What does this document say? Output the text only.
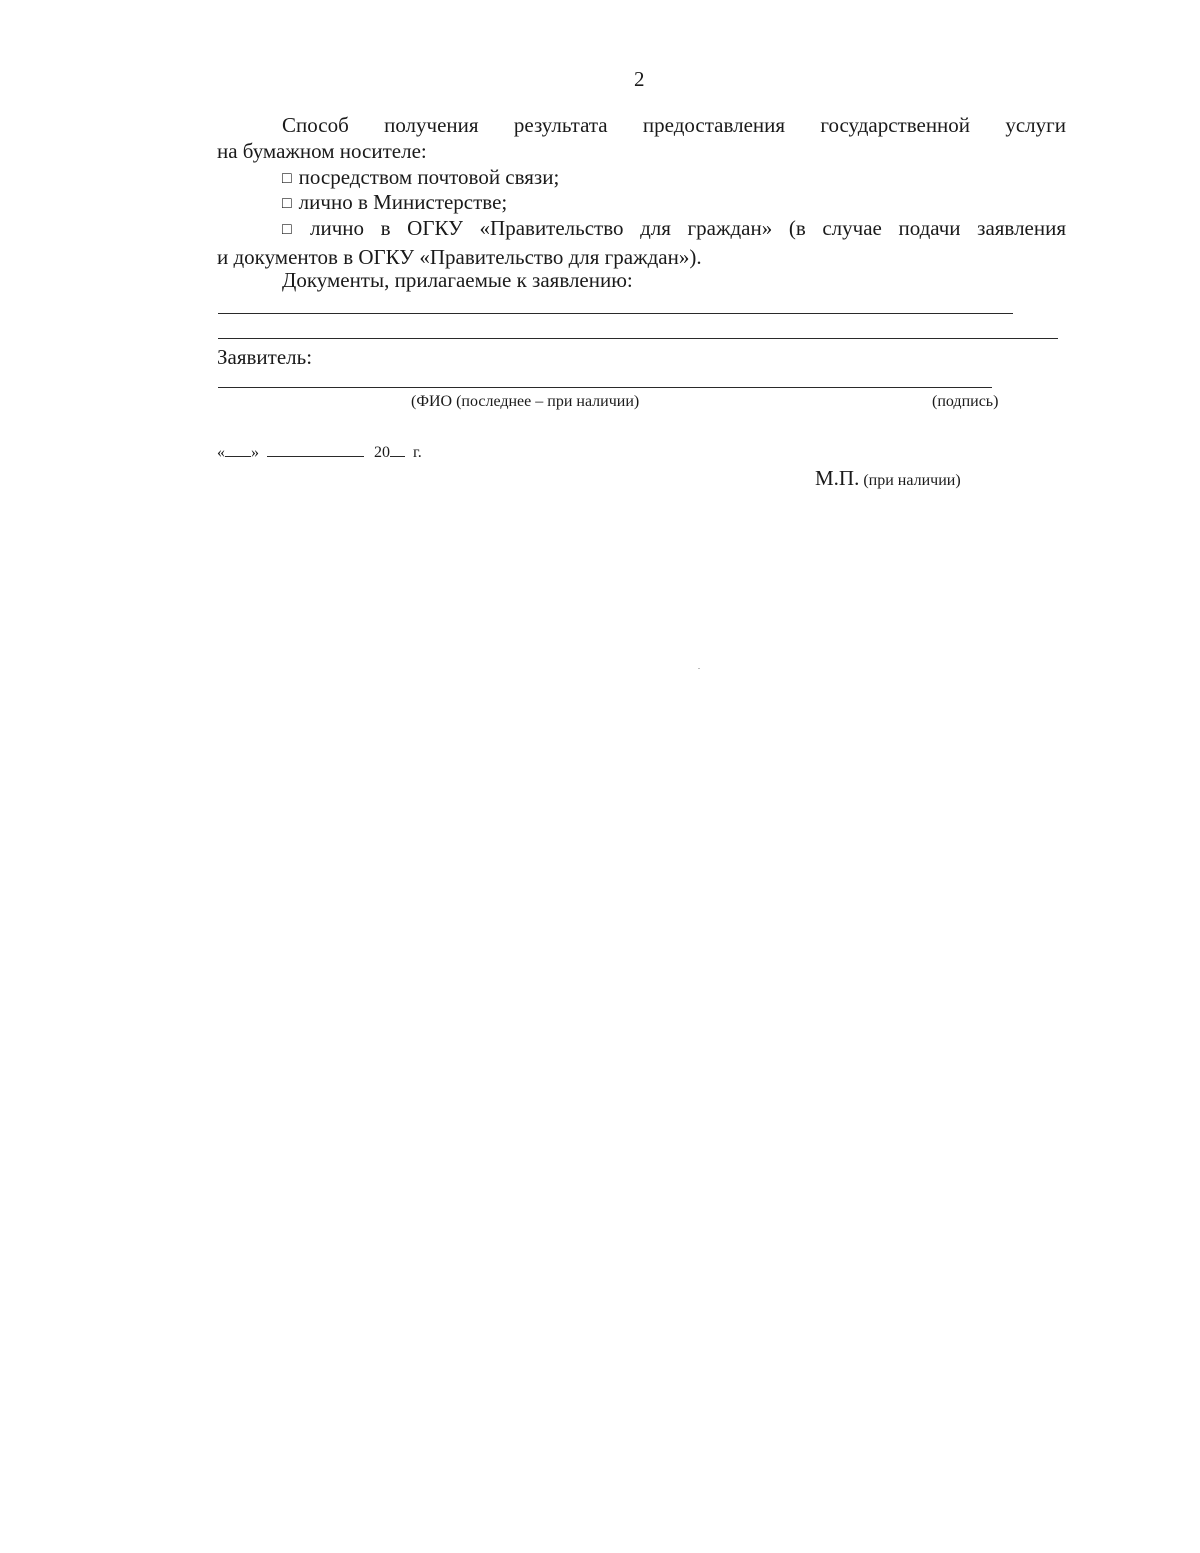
2
Способ получения результата предоставления государственной услуги
на бумажном носителе:
□ посредством почтовой связи;
□ лично в Министерстве;
□ лично в ОГКУ «Правительство для граждан» (в случае подачи заявления
и документов в ОГКУ «Правительство для граждан»).
Документы, прилагаемые к заявлению:
Заявитель:
(ФИО (последнее – при наличии)	(подпись)
« »	20 г.
М.П. (при наличии)
